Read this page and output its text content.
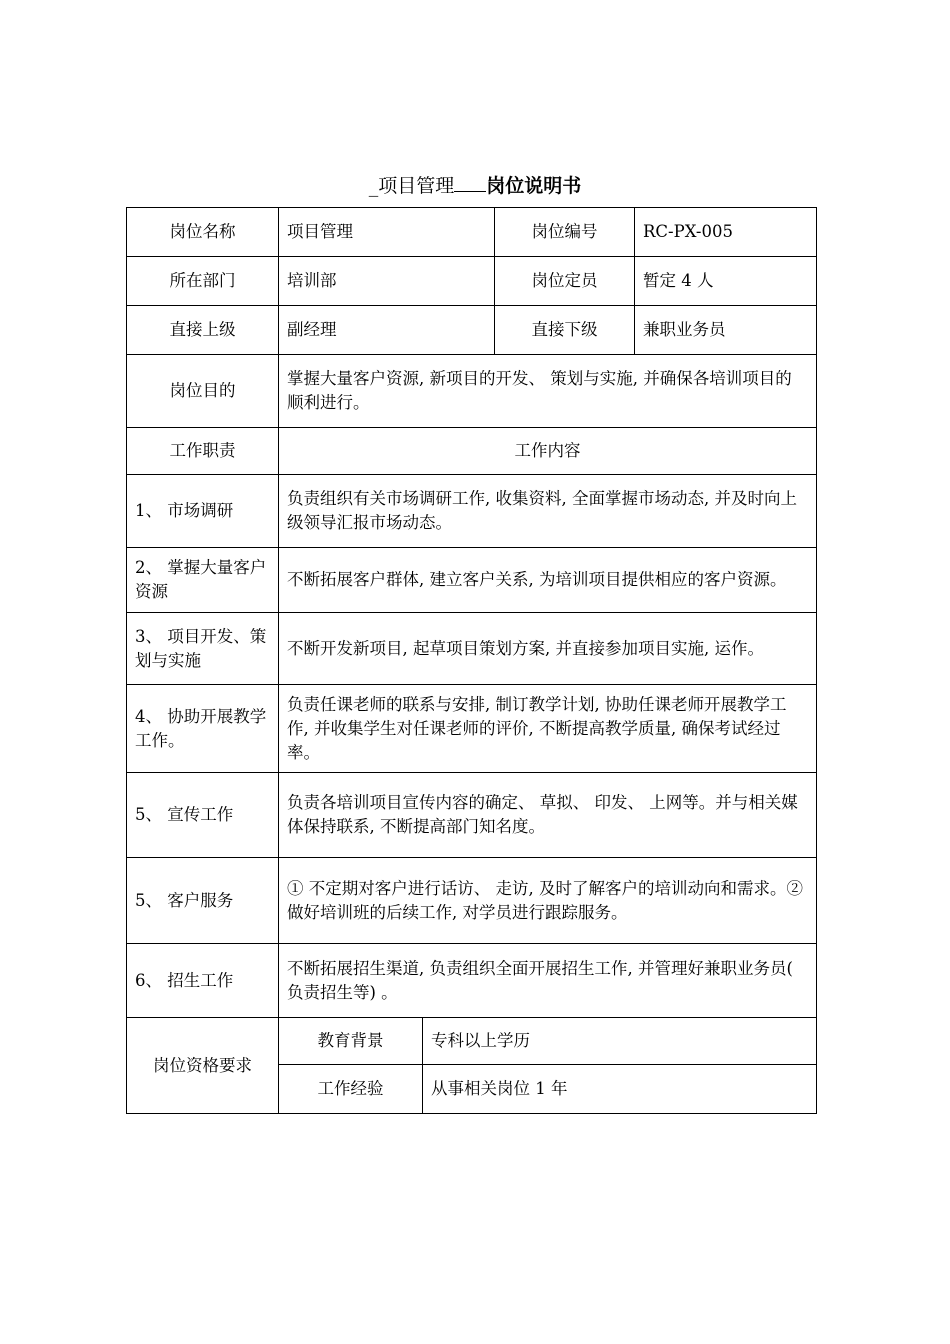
_项目管理 岗位说明书
岗位名称	项目管理		岗位编号	RC-PX-005
所在部门	培训部		岗位定员	暂定 4 人
直接上级	副经理		直接下级	兼职业务员
岗位目的	掌握大量客户资源, 新项目的开发、 策划与实施, 并确保各培训项目的顺利进行。			
工作职责	工作内容			
1、 市场调研	负责组织有关市场调研工作, 收集资料, 全面掌握市场动态, 并及时向上级领导汇报市场动态。			
2、 掌握大量客户资源	不断拓展客户群体, 建立客户关系, 为培训项目提供相应的客户资源。			
3、 项目开发、策划与实施	不断开发新项目, 起草项目策划方案, 并直接参加项目实施, 运作。			
4、 协助开展教学工作。	负责任课老师的联系与安排, 制订教学计划, 协助任课老师开展教学工作, 并收集学生对任课老师的评价, 不断提高教学质量, 确保考试经过率。			
5、 宣传工作	负责各培训项目宣传内容的确定、 草拟、 印发、 上网等。并与相关媒体保持联系, 不断提高部门知名度。			
5、 客户服务	① 不定期对客户进行话访、 走访, 及时了解客户的培训动向和需求。②做好培训班的后续工作, 对学员进行跟踪服务。			
6、 招生工作	不断拓展招生渠道, 负责组织全面开展招生工作, 并管理好兼职业务员( 负责招生等) 。			
岗位资格要求	教育背景	专科以上学历		
	工作经验	从事相关岗位 1 年		
